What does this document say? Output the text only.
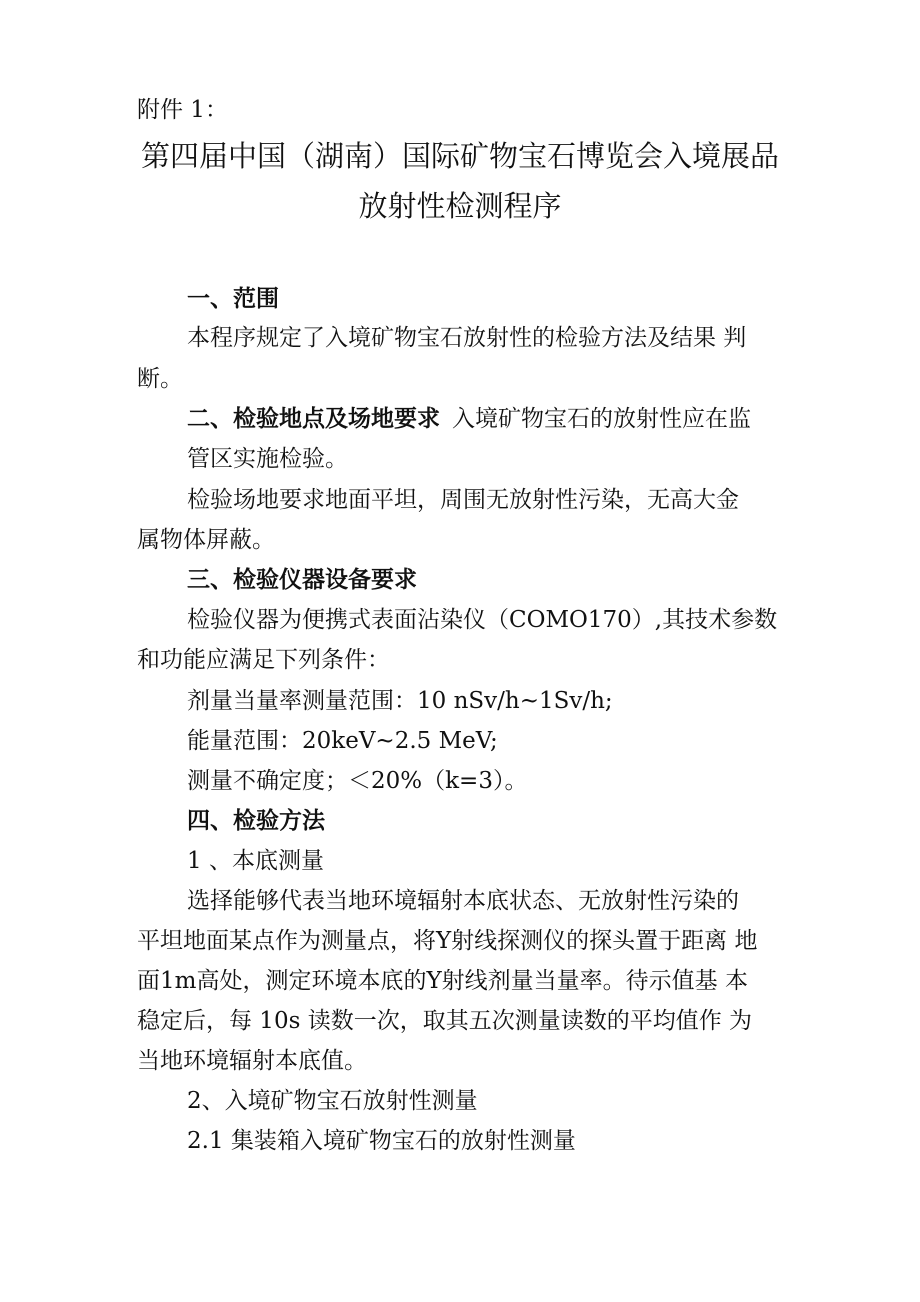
附件 1：
第四届中国（湖南）国际矿物宝石博览会入境展品
放射性检测程序
一、范围
本程序规定了入境矿物宝石放射性的检验方法及结果 判
断。
二、检验地点及场地要求 入境矿物宝石的放射性应在监
管区实施检验。
检验场地要求地面平坦，周围无放射性污染，无高大金
属物体屏蔽。
三、检验仪器设备要求
检验仪器为便携式表面沾染仪（COMO170）,其技术参数
和功能应满足下列条件：
剂量当量率测量范围：10 nSv/h~1Sv/h;
能量范围：20keV~2.5 MeV;
测量不确定度；＜20%（k=3）。
四、检验方法
1 、本底测量
选择能够代表当地环境辐射本底状态、无放射性污染的
平坦地面某点作为测量点，将Y射线探测仪的探头置于距离 地
面1m高处，测定环境本底的Y射线剂量当量率。待示值基 本
稳定后，每 10s 读数一次，取其五次测量读数的平均值作 为
当地环境辐射本底值。
2、入境矿物宝石放射性测量
2.1 集装箱入境矿物宝石的放射性测量
